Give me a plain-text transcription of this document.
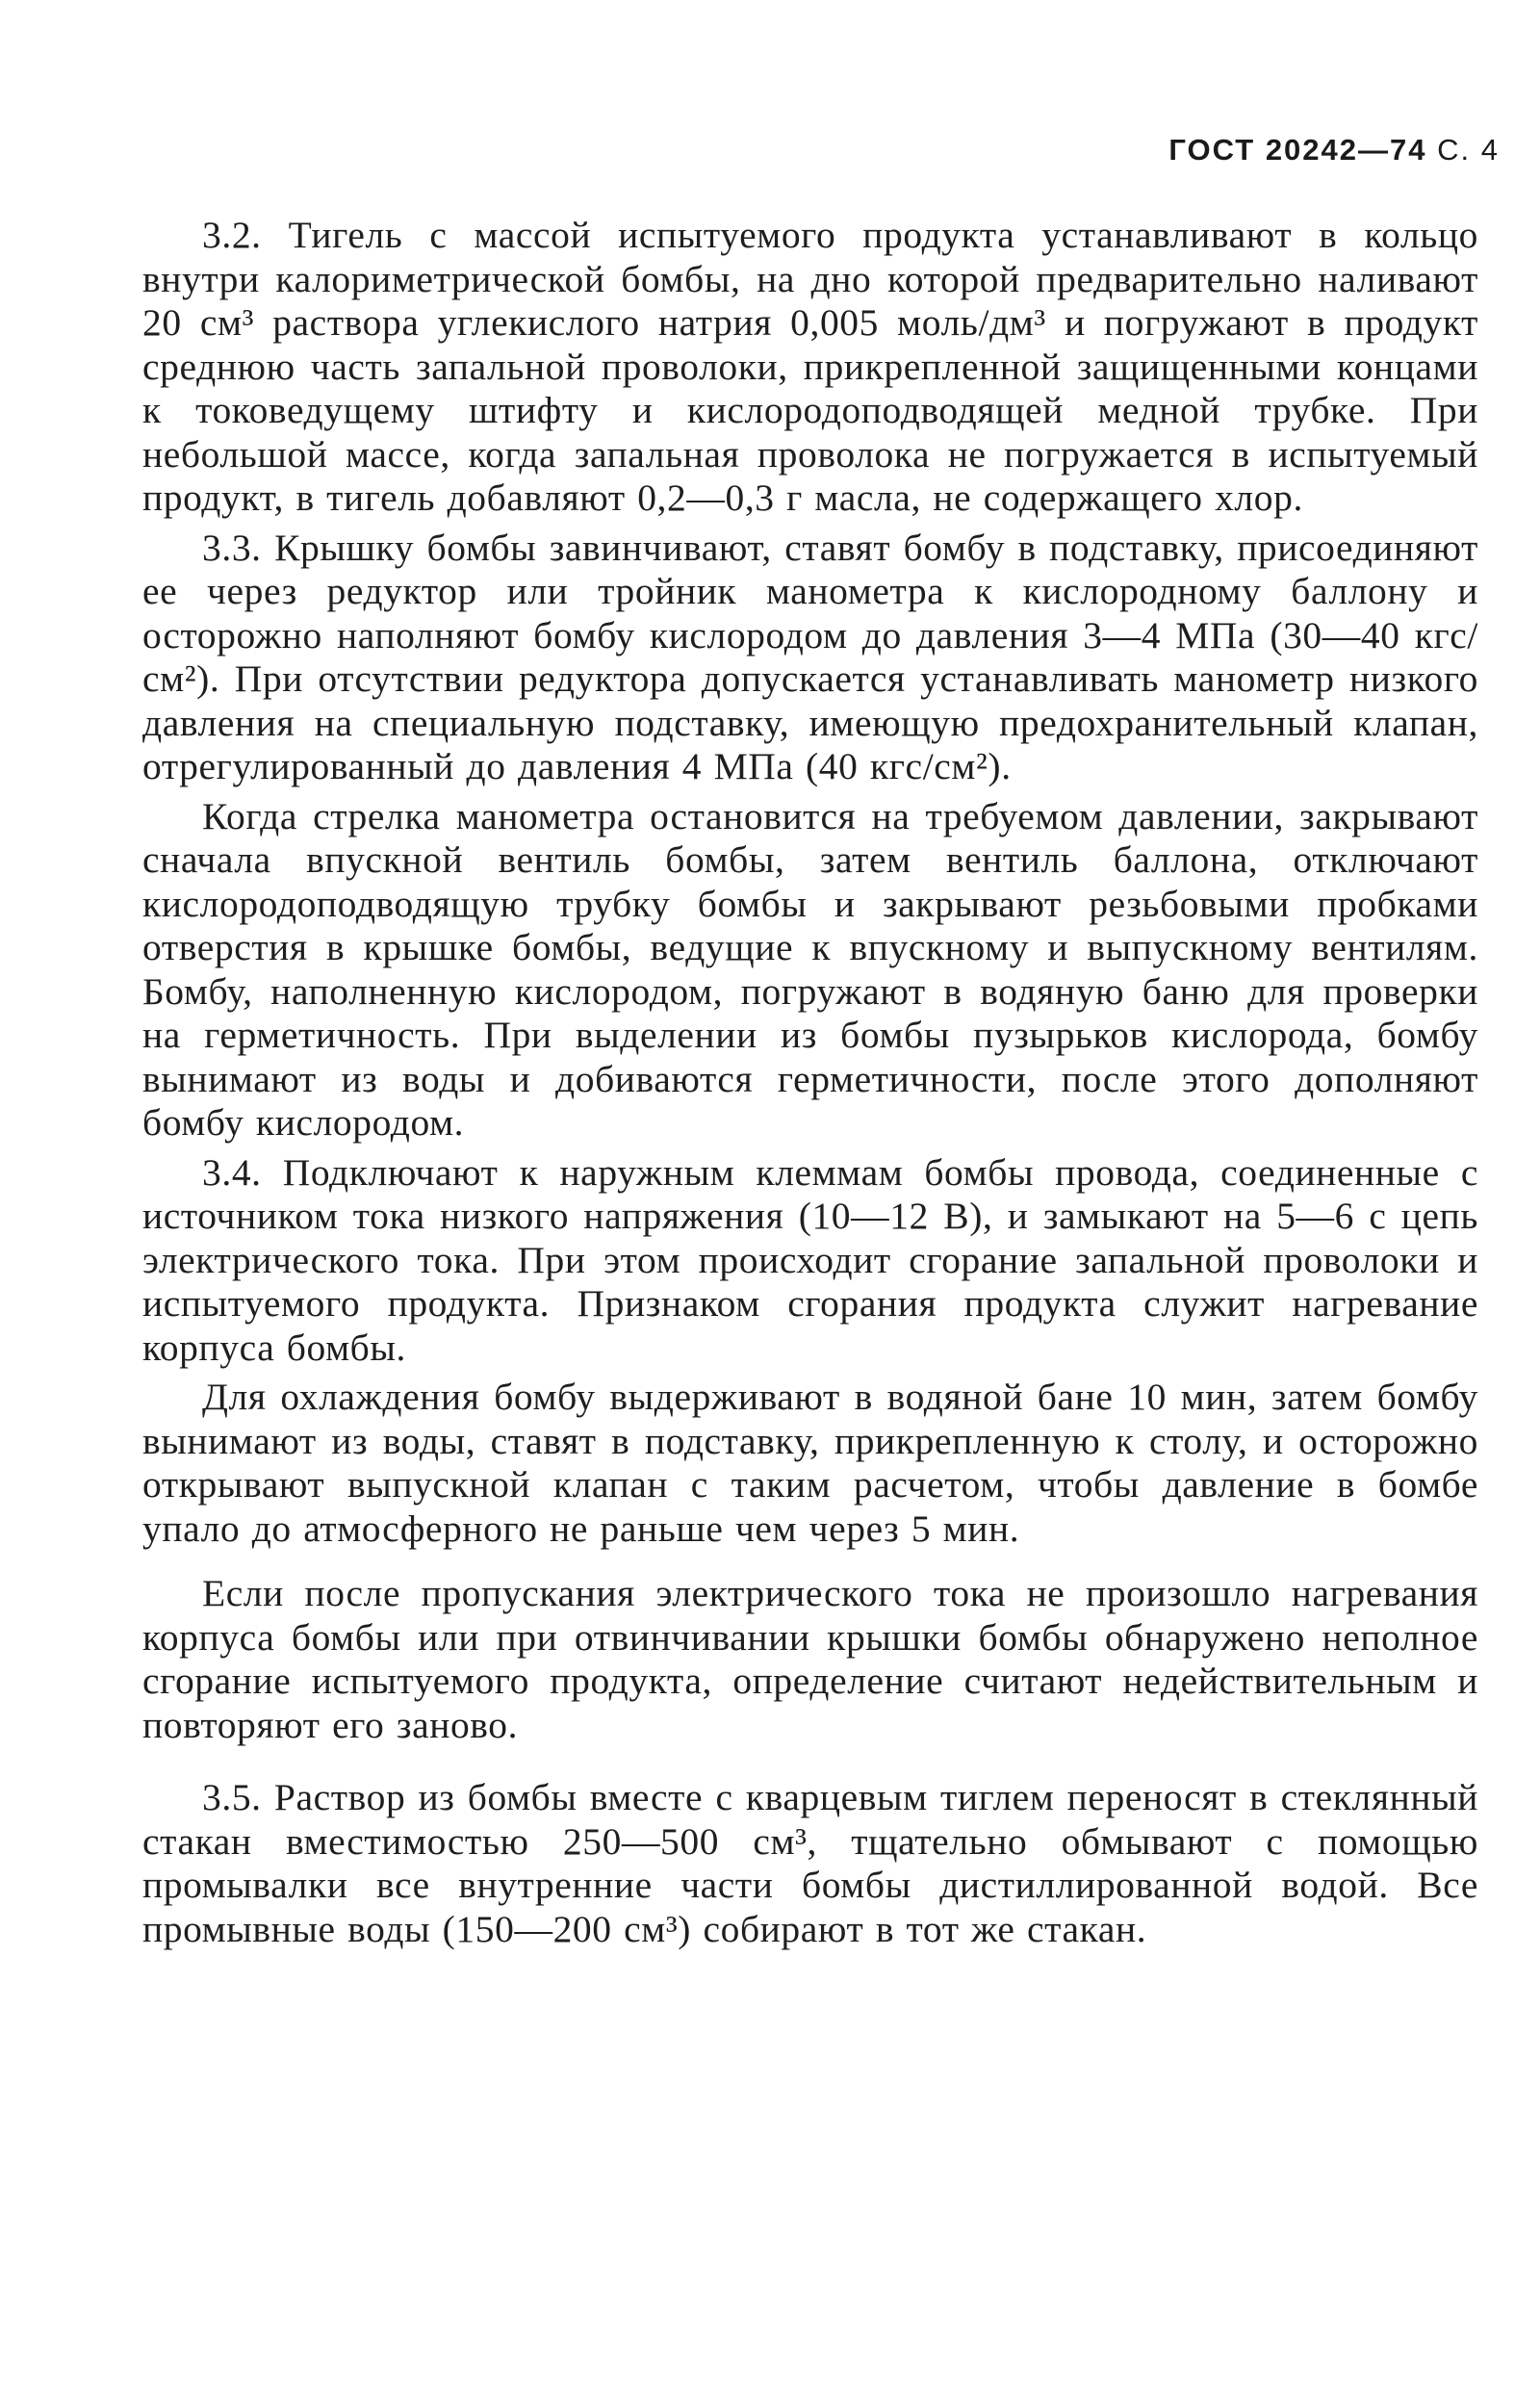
ГОСТ 20242—74 С. 4

3.2. Тигель с массой испытуемого продукта устанавливают в кольцо внутри калориметрической бомбы, на дно которой предварительно наливают 20 см³ раствора углекислого натрия 0,005 моль/дм³ и погружают в продукт среднюю часть запальной проволоки, прикрепленной защищенными концами к токоведущему штифту и кислородоподводящей медной трубке. При небольшой массе, когда запальная проволока не погружается в испытуемый продукт, в тигель добавляют 0,2—0,3 г масла, не содержащего хлор.

3.3. Крышку бомбы завинчивают, ставят бомбу в подставку, присоединяют ее через редуктор или тройник манометра к кислородному баллону и осторожно наполняют бомбу кислородом до давления 3—4 МПа (30—40 кгс/см²). При отсутствии редуктора допускается устанавливать манометр низкого давления на специальную подставку, имеющую предохранительный клапан, отрегулированный до давления 4 МПа (40 кгс/см²).

Когда стрелка манометра остановится на требуемом давлении, закрывают сначала впускной вентиль бомбы, затем вентиль баллона, отключают кислородоподводящую трубку бомбы и закрывают резьбовыми пробками отверстия в крышке бомбы, ведущие к впускному и выпускному вентилям. Бомбу, наполненную кислородом, погружают в водяную баню для проверки на герметичность. При выделении из бомбы пузырьков кислорода, бомбу вынимают из воды и добиваются герметичности, после этого дополняют бомбу кислородом.

3.4. Подключают к наружным клеммам бомбы провода, соединенные с источником тока низкого напряжения (10—12 В), и замыкают на 5—6 с цепь электрического тока. При этом происходит сгорание запальной проволоки и испытуемого продукта. Признаком сгорания продукта служит нагревание корпуса бомбы.

Для охлаждения бомбу выдерживают в водяной бане 10 мин, затем бомбу вынимают из воды, ставят в подставку, прикрепленную к столу, и осторожно открывают выпускной клапан с таким расчетом, чтобы давление в бомбе упало до атмосферного не раньше чем через 5 мин.

Если после пропускания электрического тока не произошло нагревания корпуса бомбы или при отвинчивании крышки бомбы обнаружено неполное сгорание испытуемого продукта, определение считают недействительным и повторяют его заново.

3.5. Раствор из бомбы вместе с кварцевым тиглем переносят в стеклянный стакан вместимостью 250—500 см³, тщательно обмывают с помощью промывалки все внутренние части бомбы дистиллированной водой. Все промывные воды (150—200 см³) собирают в тот же стакан.
